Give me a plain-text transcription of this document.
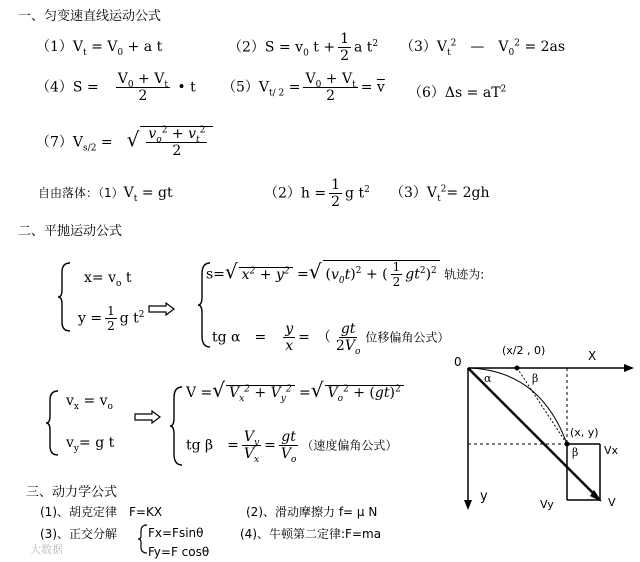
一、匀变速直线运动公式
$(1)V_t = V_0 + a$ t	$(2)S = v_0$ $t + \frac{1}{2}$ a $t^2$ $(3)V_t^2$　—　$V_0^2 = 2as$
（4）S =　 $\frac{V_0 + V_t}{2}$ • t $(5)V_{t/ 2} = \frac{V_0 + V_t}{2} = \overline{v}$ $(6)\Delta s = aT^2$
$(7)V_{s/2}$ =　√ $\frac{v_o^2 + v_t^2}{2}$
自由落体：$(1)V_t$ = gt	$(2)h = \frac{1}{2}$ g $t^2$ $(3)V_t^2= 2gh$
二、平抛运动公式
$x= v_o$ t
$y = \frac{1}{2}$ g $t^2$
s=√ $x^2 + y^2$ =√ $(v_0t)^2$ + ( $\frac{1}{2} gt^2)^2$ 轨迹为:
tg α　=　 $\frac{y}{x}$ =　（ $\frac{gt}{2V_o}$ 位移偏角公式）
$v_x = v_o$
$v_y= g$ t
V =√ $V_x^2 + V_y^2$ =√ $V_o^2 + (gt)^2$
tg β　= $\frac{V_y}{V_x} = \frac{gt}{V_o}$ （速度偏角公式）
三、动力学公式
(1)、胡克定律　F=KX	(2)、滑动摩擦力 f= μ N
(3)、正交分解	Fx=Fsinθ
Fy=F cosθ
(4)、牛顿第二定律:F=ma
大数据
0	X
y
(x/2 , 0)
α	β
(x, y)
β Vx
Vy	V
